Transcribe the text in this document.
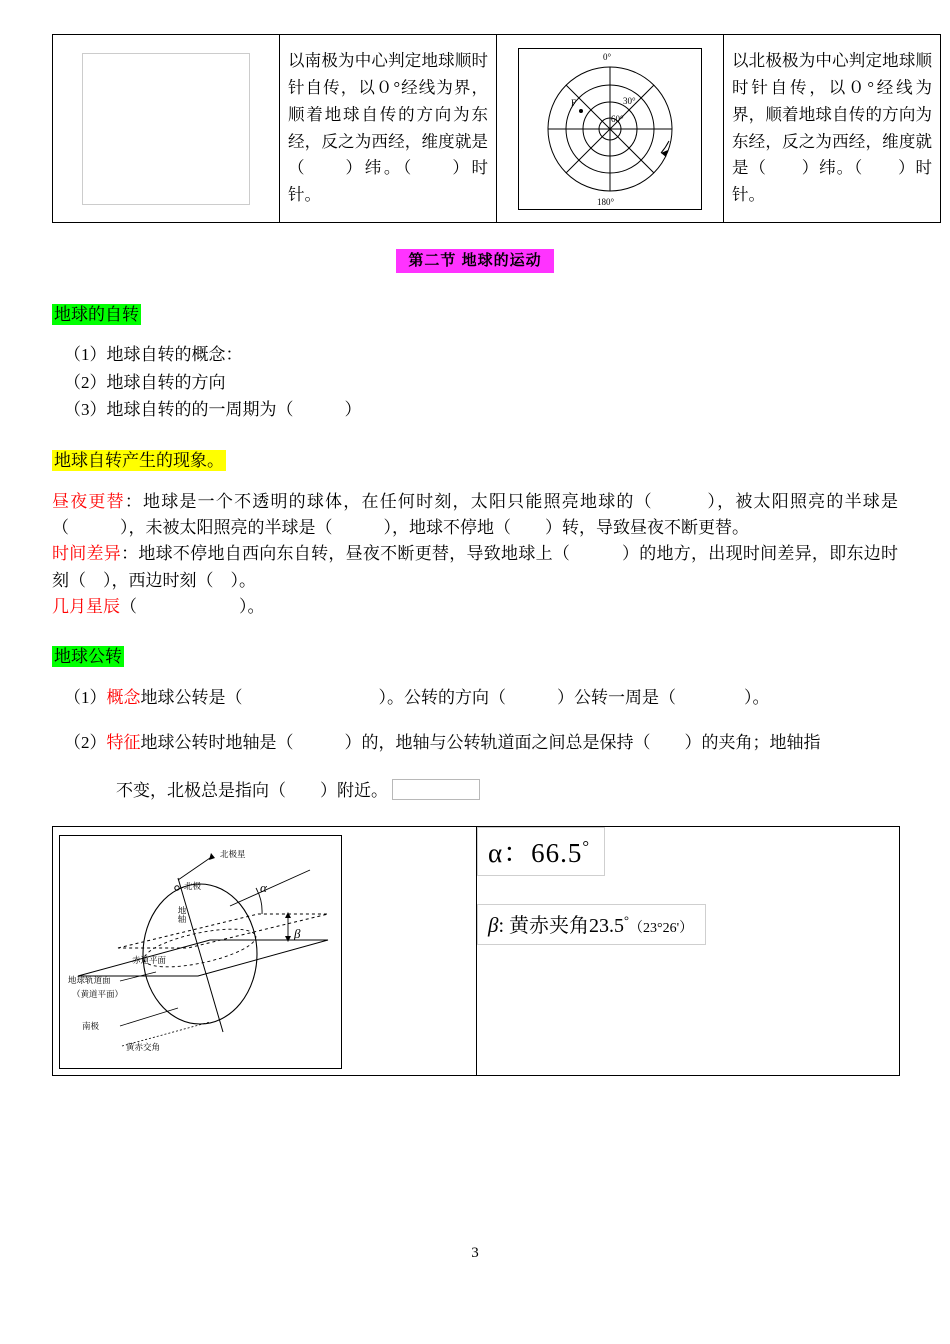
以南极为中心判定地球顺时针自传，以０°经线为界，顺着地球自传的方向为东经，反之为西经，维度就是（　　）纬。（　　）时针。

0°
180°
30°
60°
F

以北极极为中心判定地球顺时针自传，以０°经线为界，顺着地球自传的方向为东经，反之为西经，维度就是（　　）纬。（　　）时针。
第二节 地球的运动
地球的自转
（1）地球自转的概念：
（2）地球自转的方向
（3）地球自转的的一周期为（　　　）
地球自转产生的现象。

昼夜更替：地球是一个不透明的球体，在任何时刻，太阳只能照亮地球的（　　　），被太阳照亮的半球是（　　　），未被太阳照亮的半球是（　　　），地球不停地（　　）转，导致昼夜不断更替。

时间差异：地球不停地自西向东自转，昼夜不断更替，导致地球上（　　　）的地方，出现时间差异，即东边时刻（　），西边时刻（　）。

几月星辰（　　　　　　）。

地球公转

（1）概念地球公转是（　　　　　　　　）。公转的方向（　　　）公转一周是（　　　　）。

（2）特征地球公转时地轴是（　　　）的，地轴与公转轨道面之间总是保持（　　）的夹角；地轴指

不变，北极总是指向（　　）附近。

北极星
北极
地轴
赤道平面
地球轨道面
（黄道平面）
南极
黄赤交角
α
β

α：66.5°
β: 黄赤夹角23.5°（23°26'）
3
